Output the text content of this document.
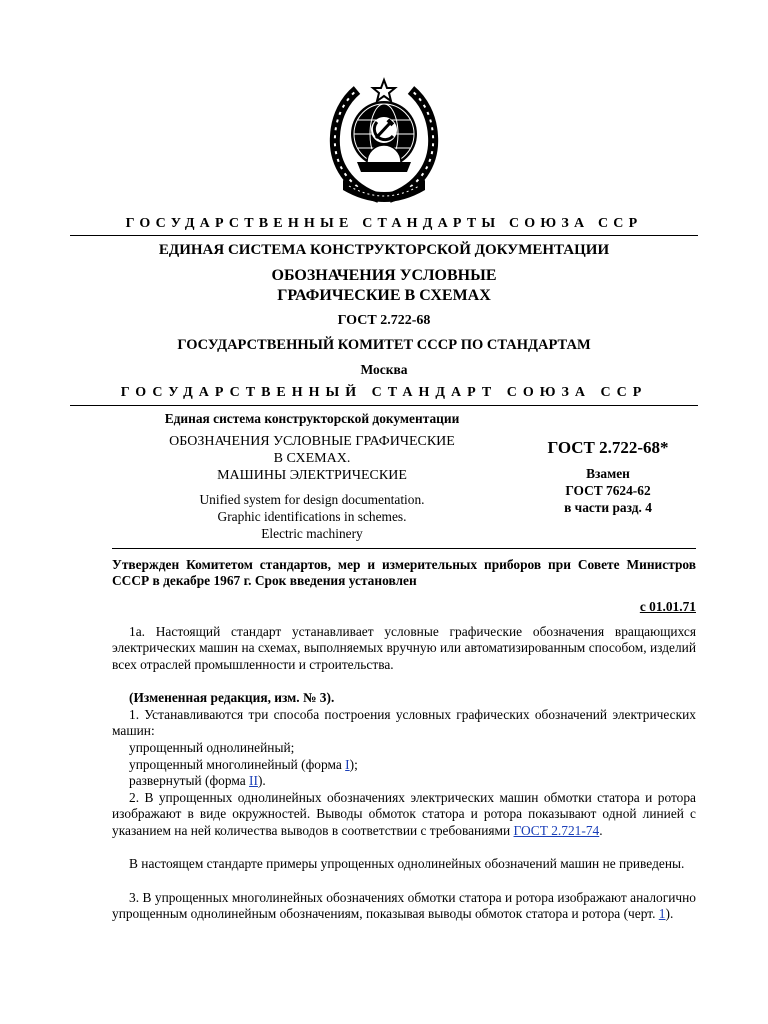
ГОСУДАРСТВЕННЫЕ СТАНДАРТЫ СОЮЗА ССР
ЕДИНАЯ СИСТЕМА КОНСТРУКТОРСКОЙ ДОКУМЕНТАЦИИ
ОБОЗНАЧЕНИЯ УСЛОВНЫЕ
ГРАФИЧЕСКИЕ В СХЕМАХ
ГОСТ 2.722-68
ГОСУДАРСТВЕННЫЙ КОМИТЕТ СССР ПО СТАНДАРТАМ
Москва
ГОСУДАРСТВЕННЫЙ СТАНДАРТ СОЮЗА ССР
Единая система конструкторской документации
ОБОЗНАЧЕНИЯ УСЛОВНЫЕ ГРАФИЧЕСКИЕ
В СХЕМАХ.
МАШИНЫ ЭЛЕКТРИЧЕСКИЕ
Unified system for design documentation.
Graphic identifications in schemes.
Electric machinery
ГОСТ 2.722-68*
Взамен
ГОСТ 7624-62
в части разд. 4
Утвержден Комитетом стандартов, мер и измерительных приборов при Совете Министров СССР в декабре 1967 г. Срок введения установлен
с 01.01.71
1а. Настоящий стандарт устанавливает условные графические обозначения вращающихся электрических машин на схемах, выполняемых вручную или автоматизированным способом, изделий всех отраслей промышленности и строительства.
(Измененная редакция, изм. № 3).
1. Устанавливаются три способа построения условных графических обозначений электрических машин:
упрощенный однолинейный;
упрощенный многолинейный (форма I);
развернутый (форма II).
2. В упрощенных однолинейных обозначениях электрических машин обмотки статора и ротора изображают в виде окружностей. Выводы обмоток статора и ротора показывают одной линией с указанием на ней количества выводов в соответствии с требованиями ГОСТ 2.721-74.
В настоящем стандарте примеры упрощенных однолинейных обозначений машин не приведены.
3. В упрощенных многолинейных обозначениях обмотки статора и ротора изображают аналогично упрощенным однолинейным обозначениям, показывая выводы обмоток статора и ротора (черт. 1).
